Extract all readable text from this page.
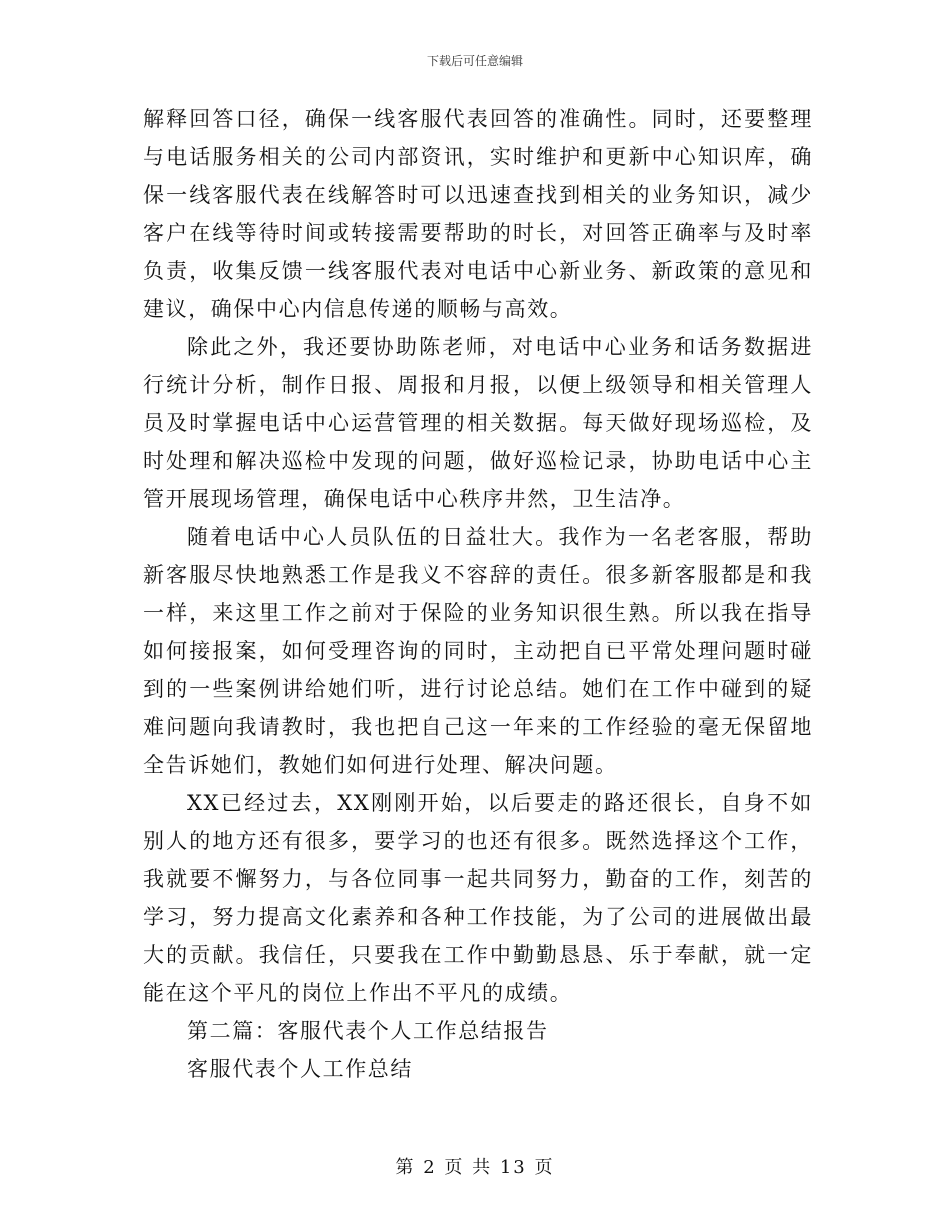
下载后可任意编辑

解释回答口径，确保一线客服代表回答的准确性。同时，还要整理与电话服务相关的公司内部资讯，实时维护和更新中心知识库，确保一线客服代表在线解答时可以迅速查找到相关的业务知识，减少客户在线等待时间或转接需要帮助的时长，对回答正确率与及时率负责，收集反馈一线客服代表对电话中心新业务、新政策的意见和建议，确保中心内信息传递的顺畅与高效。

除此之外，我还要协助陈老师，对电话中心业务和话务数据进行统计分析，制作日报、周报和月报，以便上级领导和相关管理人员及时掌握电话中心运营管理的相关数据。每天做好现场巡检，及时处理和解决巡检中发现的问题，做好巡检记录，协助电话中心主管开展现场管理，确保电话中心秩序井然，卫生洁净。

随着电话中心人员队伍的日益壮大。我作为一名老客服，帮助新客服尽快地熟悉工作是我义不容辞的责任。很多新客服都是和我一样，来这里工作之前对于保险的业务知识很生熟。所以我在指导如何接报案，如何受理咨询的同时，主动把自已平常处理问题时碰到的一些案例讲给她们听，进行讨论总结。她们在工作中碰到的疑难问题向我请教时，我也把自己这一年来的工作经验的毫无保留地全告诉她们，教她们如何进行处理、解决问题。

XX已经过去，XX刚刚开始，以后要走的路还很长，自身不如别人的地方还有很多，要学习的也还有很多。既然选择这个工作，我就要不懈努力，与各位同事一起共同努力，勤奋的工作，刻苦的学习，努力提高文化素养和各种工作技能，为了公司的进展做出最大的贡献。我信任，只要我在工作中勤勤恳恳、乐于奉献，就一定能在这个平凡的岗位上作出不平凡的成绩。

第二篇：客服代表个人工作总结报告

客服代表个人工作总结

第 2 页 共 13 页
